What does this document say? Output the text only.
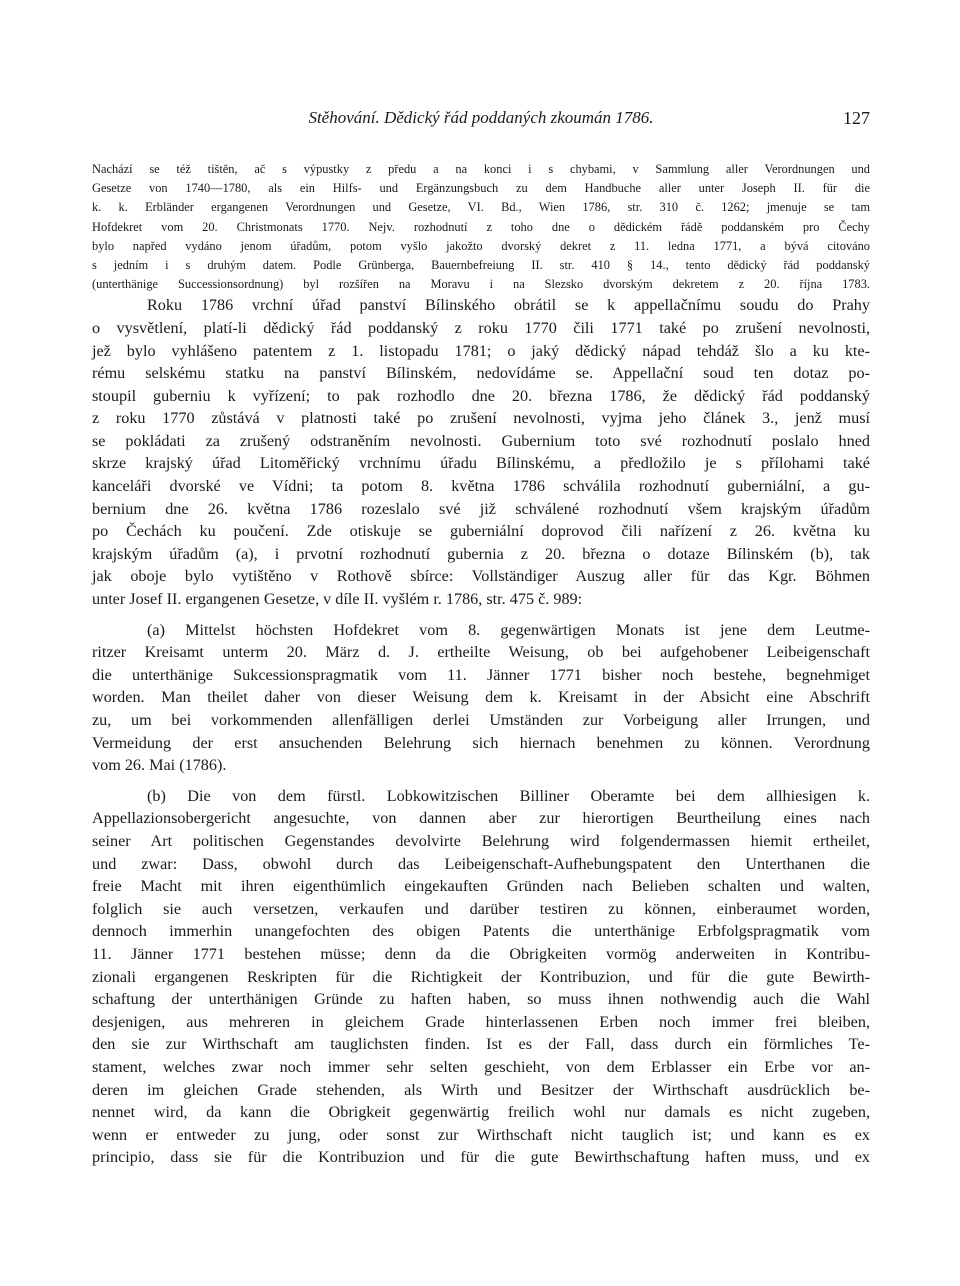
Stěhování. Dědický řád poddaných zkoumán 1786.	127
Nachází se též tištěn, ač s výpustky z předu a na konci i s chybami, v Sammlung aller Verordnungen und
Gesetze von 1740—1780, als ein Hilfs- und Ergänzungsbuch zu dem Handbuche aller unter Joseph II. für die
k. k. Erbländer ergangenen Verordnungen und Gesetze, VI. Bd., Wien 1786, str. 310 č. 1262; jmenuje se tam
Hofdekret vom 20. Christmonats 1770. Nejv. rozhodnutí z toho dne o dědickém řádě poddanském pro Čechy
bylo napřed vydáno jenom úřadům, potom vyšlo jakožto dvorský dekret z 11. ledna 1771, a bývá citováno
s jedním i s druhým datem. Podle Grünberga, Bauernbefreiung II. str. 410 § 14., tento dědický řád poddanský
(unterthänige Successionsordnung) byl rozšířen na Moravu i na Slezsko dvorským dekretem z 20. října 1783.
Roku 1786 vrchní úřad panství Bílinského obrátil se k appellačnímu soudu do Prahy
o vysvětlení, platí-li dědický řád poddanský z roku 1770 čili 1771 také po zrušení nevolnosti,
jež bylo vyhlášeno patentem z 1. listopadu 1781; o jaký dědický nápad tehdáž šlo a ku kte-
rému selskému statku na panství Bílinském, nedovídáme se. Appellační soud ten dotaz po-
stoupil guberniu k vyřízení; to pak rozhodlo dne 20. března 1786, že dědický řád poddanský
z roku 1770 zůstává v platnosti také po zrušení nevolnosti, vyjma jeho článek 3., jenž musí
se pokládati za zrušený odstraněním nevolnosti. Gubernium toto své rozhodnutí poslalo hned
skrze krajský úřad Litoměřický vrchnímu úřadu Bílinskému, a předložilo je s přílohami také
kanceláři dvorské ve Vídni; ta potom 8. května 1786 schválila rozhodnutí guberniální, a gu-
bernium dne 26. května 1786 rozeslalo své již schválené rozhodnutí všem krajským úřadům
po Čechách ku poučení. Zde otiskuje se guberniální doprovod čili nařízení z 26. května ku
krajským úřadům (a), i prvotní rozhodnutí gubernia z 20. března o dotaze Bílinském (b), tak
jak oboje bylo vytištěno v Rothově sbírce: Vollständiger Auszug aller für das Kgr. Böhmen
unter Josef II. ergangenen Gesetze, v díle II. vyšlém r. 1786, str. 475 č. 989:
(a) Mittelst höchsten Hofdekret vom 8. gegenwärtigen Monats ist jene dem Leutme-
ritzer Kreisamt unterm 20. März d. J. ertheilte Weisung, ob bei aufgehobener Leibeigenschaft
die unterthänige Sukcessionspragmatik vom 11. Jänner 1771 bisher noch bestehe, begnehmiget
worden. Man theilet daher von dieser Weisung dem k. Kreisamt in der Absicht eine Abschrift
zu, um bei vorkommenden allenfälligen derlei Umständen zur Vorbeigung aller Irrungen, und
Vermeidung der erst ansuchenden Belehrung sich hiernach benehmen zu können. Verordnung
vom 26. Mai (1786).
(b) Die von dem fürstl. Lobkowitzischen Billiner Oberamte bei dem allhiesigen k.
Appellazionsobergericht angesuchte, von dannen aber zur hierortigen Beurtheilung eines nach
seiner Art politischen Gegenstandes devolvirte Belehrung wird folgendermassen hiemit ertheilet,
und zwar: Dass, obwohl durch das Leibeigenschaft-Aufhebungspatent den Unterthanen die
freie Macht mit ihren eigenthümlich eingekauften Gründen nach Belieben schalten und walten,
folglich sie auch versetzen, verkaufen und darüber testiren zu können, einberaumet worden,
dennoch immerhin unangefochten des obigen Patents die unterthänige Erbfolgspragmatik vom
11. Jänner 1771 bestehen müsse; denn da die Obrigkeiten vormög anderweiten in Kontribu-
zionali ergangenen Reskripten für die Richtigkeit der Kontribuzion, und für die gute Bewirth-
schaftung der unterthänigen Gründe zu haften haben, so muss ihnen nothwendig auch die Wahl
desjenigen, aus mehreren in gleichem Grade hinterlassenen Erben noch immer frei bleiben,
den sie zur Wirthschaft am tauglichsten finden. Ist es der Fall, dass durch ein förmliches Te-
stament, welches zwar noch immer sehr selten geschieht, von dem Erblasser ein Erbe vor an-
deren im gleichen Grade stehenden, als Wirth und Besitzer der Wirthschaft ausdrücklich be-
nennet wird, da kann die Obrigkeit gegenwärtig freilich wohl nur damals es nicht zugeben,
wenn er entweder zu jung, oder sonst zur Wirthschaft nicht tauglich ist; und kann es ex
principio, dass sie für die Kontribuzion und für die gute Bewirthschaftung haften muss, und ex
